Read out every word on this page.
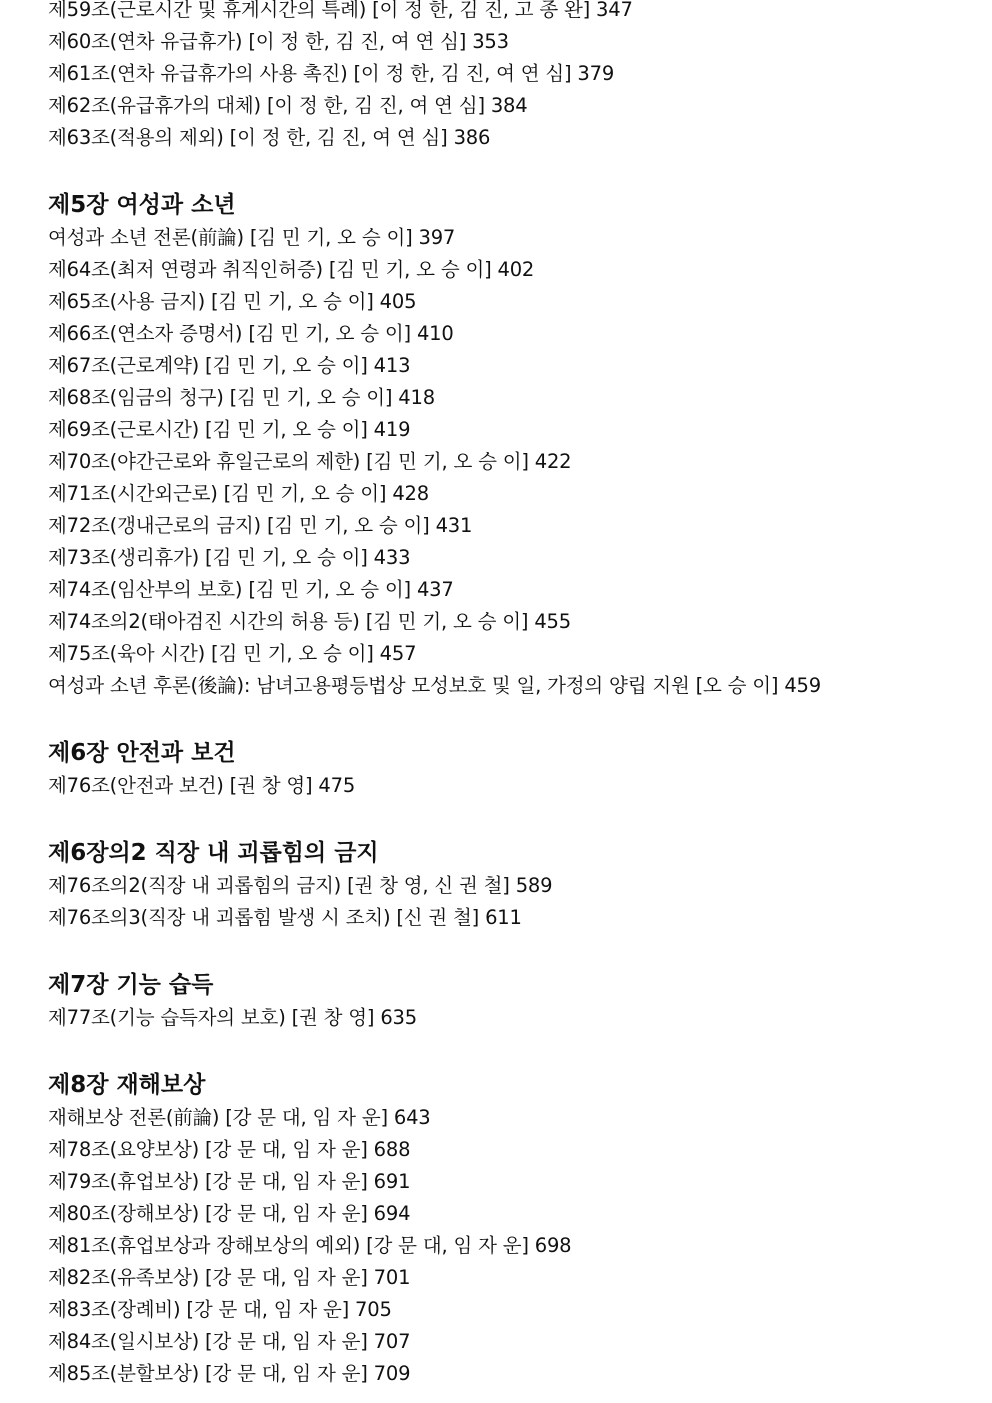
제59조(근로시간 및 휴게시간의 특례) [이 정 한, 김 진, 고 종 완] 347
제60조(연차 유급휴가) [이 정 한, 김 진, 여 연 심] 353
제61조(연차 유급휴가의 사용 촉진) [이 정 한, 김 진, 여 연 심] 379
제62조(유급휴가의 대체) [이 정 한, 김 진, 여 연 심] 384
제63조(적용의 제외) [이 정 한, 김 진, 여 연 심] 386
제5장 여성과 소년
여성과 소년 전론(前論) [김 민 기, 오 승 이] 397
제64조(최저 연령과 취직인허증) [김 민 기, 오 승 이] 402
제65조(사용 금지) [김 민 기, 오 승 이] 405
제66조(연소자 증명서) [김 민 기, 오 승 이] 410
제67조(근로계약) [김 민 기, 오 승 이] 413
제68조(임금의 청구) [김 민 기, 오 승 이] 418
제69조(근로시간) [김 민 기, 오 승 이] 419
제70조(야간근로와 휴일근로의 제한) [김 민 기, 오 승 이] 422
제71조(시간외근로) [김 민 기, 오 승 이] 428
제72조(갱내근로의 금지) [김 민 기, 오 승 이] 431
제73조(생리휴가) [김 민 기, 오 승 이] 433
제74조(임산부의 보호) [김 민 기, 오 승 이] 437
제74조의2(태아검진 시간의 허용 등) [김 민 기, 오 승 이] 455
제75조(육아 시간) [김 민 기, 오 승 이] 457
여성과 소년 후론(後論): 남녀고용평등법상 모성보호 및 일, 가정의 양립 지원 [오 승 이] 459
제6장 안전과 보건
제76조(안전과 보건) [권 창 영] 475
제6장의2 직장 내 괴롭힘의 금지
제76조의2(직장 내 괴롭힘의 금지) [권 창 영, 신 권 철] 589
제76조의3(직장 내 괴롭힘 발생 시 조치) [신 권 철] 611
제7장 기능 습득
제77조(기능 습득자의 보호) [권 창 영] 635
제8장 재해보상
재해보상 전론(前論) [강 문 대, 임 자 운] 643
제78조(요양보상) [강 문 대, 임 자 운] 688
제79조(휴업보상) [강 문 대, 임 자 운] 691
제80조(장해보상) [강 문 대, 임 자 운] 694
제81조(휴업보상과 장해보상의 예외) [강 문 대, 임 자 운] 698
제82조(유족보상) [강 문 대, 임 자 운] 701
제83조(장례비) [강 문 대, 임 자 운] 705
제84조(일시보상) [강 문 대, 임 자 운] 707
제85조(분할보상) [강 문 대, 임 자 운] 709
